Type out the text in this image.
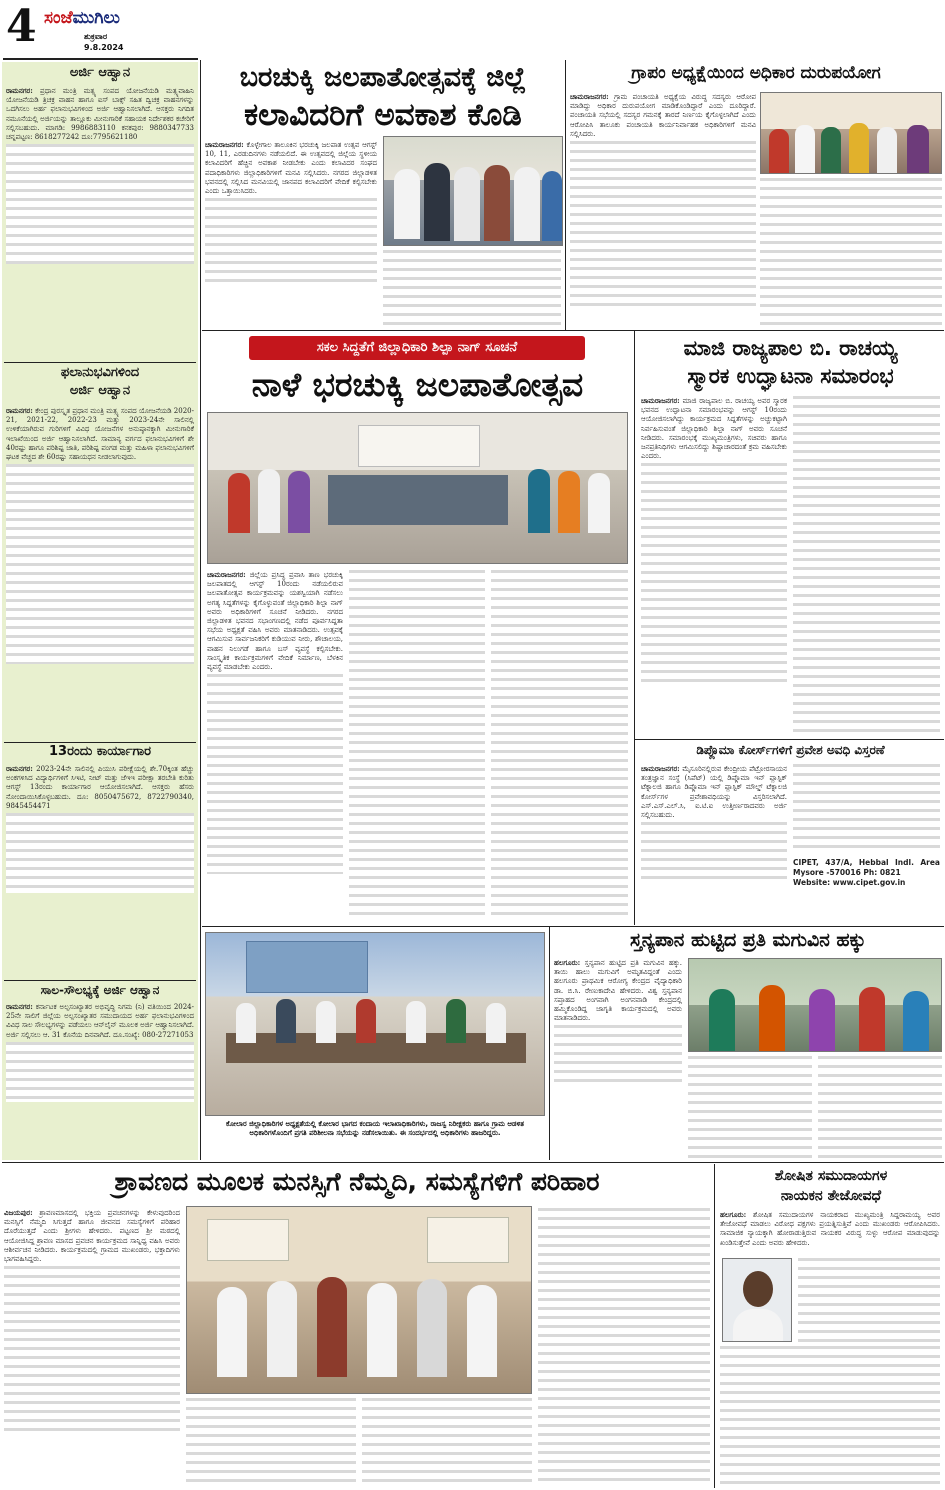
4 ಸಂಜೆಮುಗಿಲು
ಶುಕ್ರವಾರ
9.8.2024
ಅರ್ಜಿ ಆಹ್ವಾನ
ರಾಮನಗರ: ಪ್ರಧಾನ ಮಂತ್ರಿ ಮತ್ಸ್ಯ ಸಂಪದ ಯೋಜನೆಯಡಿ ಮತ್ಸ್ಯವಾಹಿನಿ ಯೋಜನೆಯಡಿ ತ್ರಿಚಕ್ರ ವಾಹನ ಹಾಗೂ ಐಸ್ ಬಾಕ್ಸ್ ಸಹಿತ ದ್ವಿಚಕ್ರ ವಾಹನಗಳನ್ನು ಒದಗಿಸಲು ಅರ್ಹ ಫಲಾನುಭವಿಗಳಿಂದ ಅರ್ಜಿ ಆಹ್ವಾನಿಸಲಾಗಿದೆ. ಆಸಕ್ತರು ನಿಗದಿತ ನಮೂನೆಯಲ್ಲಿ ಅರ್ಜಿಯನ್ನು ತಾಲ್ಲೂಕು ಮೀನುಗಾರಿಕೆ ಸಹಾಯಕ ನಿರ್ದೇಶಕರ ಕಚೇರಿಗೆ ಸಲ್ಲಿಸಬಹುದು. ಮಾಗಡಿ: 9986883110 ಕನಕಪುರ: 9880347733 ಚನ್ನಪಟ್ಟಣ: 8618277242 ದೂ:7795621180
ಫಲಾನುಭವಿಗಳಿಂದ
ಅರ್ಜಿ ಆಹ್ವಾನ
ರಾಮನಗರ: ಕೇಂದ್ರ ಪುರಸ್ಕೃತ ಪ್ರಧಾನ ಮಂತ್ರಿ ಮತ್ಸ್ಯ ಸಂಪದ ಯೋಜನೆಯಡಿ 2020-21, 2021-22, 2022-23 ಮತ್ತು 2023-24ನೇ ಸಾಲಿನಲ್ಲಿ ಉಳಿಕೆಯಾಗಿರುವ ಗುರಿಗಳಿಗೆ ವಿವಿಧ ಯೋಜನೆಗಳ ಅನುಷ್ಠಾನಕ್ಕಾಗಿ ಮೀನುಗಾರಿಕೆ ಇಲಾಖೆಯಿಂದ ಅರ್ಜಿ ಆಹ್ವಾನಿಸಲಾಗಿದೆ. ಸಾಮಾನ್ಯ ವರ್ಗದ ಫಲಾನುಭವಿಗಳಿಗೆ ಶೇ 40ರಷ್ಟು ಹಾಗೂ ಪರಿಶಿಷ್ಟ ಜಾತಿ, ಪರಿಶಿಷ್ಟ ಪಂಗಡ ಮತ್ತು ಮಹಿಳಾ ಫಲಾನುಭವಿಗಳಿಗೆ ಘಟಕ ವೆಚ್ಚದ ಶೇ 60ರಷ್ಟು ಸಹಾಯಧನ ನೀಡಲಾಗುವುದು.
13ರಂದು ಕಾರ್ಯಾಗಾರ
ರಾಮನಗರ: 2023-24ನೇ ಸಾಲಿನಲ್ಲಿ ಪಿಯುಸಿ ಪರೀಕ್ಷೆಯಲ್ಲಿ ಶೇ.70ಕ್ಕಿಂತ ಹೆಚ್ಚು ಅಂಕಗಳಿಸಿದ ವಿದ್ಯಾರ್ಥಿಗಳಿಗೆ ಸಿಇಟಿ, ನೀಟ್ ಮತ್ತು ಜೆಇಇ ಪರೀಕ್ಷಾ ತರಬೇತಿ ಕುರಿತು ಆಗಸ್ಟ್ 13ರಂದು ಕಾರ್ಯಾಗಾರ ಆಯೋಜಿಸಲಾಗಿದೆ. ಆಸಕ್ತರು ಹೆಸರು ನೋಂದಾಯಿಸಿಕೊಳ್ಳಬಹುದು. ದೂ: 8050475672, 8722790340, 9845454471
ಸಾಲ-ಸೌಲಭ್ಯಕ್ಕೆ ಅರ್ಜಿ ಆಹ್ವಾನ
ರಾಮನಗರ: ಕರ್ನಾಟಕ ಅಲ್ಪಸಂಖ್ಯಾತರ ಅಭಿವೃದ್ಧಿ ನಿಗಮ (ನಿ) ವತಿಯಿಂದ 2024-25ನೇ ಸಾಲಿಗೆ ಜಿಲ್ಲೆಯ ಅಲ್ಪಸಂಖ್ಯಾತರ ಸಮುದಾಯದ ಅರ್ಹ ಫಲಾನುಭವಿಗಳಿಂದ ವಿವಿಧ ಸಾಲ ಸೌಲಭ್ಯಗಳನ್ನು ಪಡೆಯಲು ಆನ್‌ಲೈನ್ ಮೂಲಕ ಅರ್ಜಿ ಆಹ್ವಾನಿಸಲಾಗಿದೆ. ಅರ್ಜಿ ಸಲ್ಲಿಸಲು ಆ. 31 ಕೊನೆಯ ದಿನವಾಗಿದೆ. ದೂ.ಸಂಖ್ಯೆ: 080-27271053
ಬರಚುಕ್ಕಿ ಜಲಪಾತೋತ್ಸವಕ್ಕೆ ಜಿಲ್ಲೆ
ಕಲಾವಿದರಿಗೆ ಅವಕಾಶ ಕೊಡಿ
ಚಾಮರಾಜನಗರ: ಕೊಳ್ಳೇಗಾಲ ತಾಲೂಕಿನ ಭರಚುಕ್ಕಿ ಜಲಪಾತ ಉತ್ಸವ ಆಗಸ್ಟ್ 10, 11, ಎರಡುದಿನಗಳು ನಡೆಯಲಿದೆ. ಈ ಉತ್ಸವದಲ್ಲಿ ಜಿಲ್ಲೆಯ ಸ್ಥಳೀಯ ಕಲಾವಿದರಿಗೆ ಹೆಚ್ಚಿನ ಅವಕಾಶ ನೀಡಬೇಕು ಎಂದು ಕಲಾವಿದರ ಸಂಘದ ಪದಾಧಿಕಾರಿಗಳು ಜಿಲ್ಲಾಧಿಕಾರಿಗಳಿಗೆ ಮನವಿ ಸಲ್ಲಿಸಿದರು. ನಗರದ ಜಿಲ್ಲಾಡಳಿತ ಭವನದಲ್ಲಿ ಸಲ್ಲಿಸಿದ ಮನವಿಯಲ್ಲಿ ಜಾನಪದ ಕಲಾವಿದರಿಗೆ ವೇದಿಕೆ ಕಲ್ಪಿಸಬೇಕು ಎಂದು ಒತ್ತಾಯಿಸಿದರು.
ಗ್ರಾಪಂ ಅಧ್ಯಕ್ಷೆಯಿಂದ ಅಧಿಕಾರ ದುರುಪಯೋಗ
ಚಾಮರಾಜನಗರ: ಗ್ರಾಮ ಪಂಚಾಯತಿ ಅಧ್ಯಕ್ಷೆಯ ವಿರುದ್ಧ ಸದಸ್ಯರು ಆರೋಪ ಮಾಡಿದ್ದು ಅಧಿಕಾರ ದುರುಪಯೋಗ ಮಾಡಿಕೊಂಡಿದ್ದಾರೆ ಎಂದು ದೂರಿದ್ದಾರೆ. ಪಂಚಾಯತಿ ಸಭೆಯಲ್ಲಿ ಸದಸ್ಯರ ಗಮನಕ್ಕೆ ತಾರದೆ ನಿರ್ಣಯ ಕೈಗೊಳ್ಳಲಾಗಿದೆ ಎಂದು ಆರೋಪಿಸಿ ತಾಲೂಕು ಪಂಚಾಯತಿ ಕಾರ್ಯನಿರ್ವಾಹಕ ಅಧಿಕಾರಿಗಳಿಗೆ ಮನವಿ ಸಲ್ಲಿಸಿದರು.
ಸಕಲ ಸಿದ್ದತೆಗೆ ಜಿಲ್ಲಾಧಿಕಾರಿ ಶಿಲ್ಪಾ ನಾಗ್ ಸೂಚನೆ
ನಾಳೆ ಭರಚುಕ್ಕಿ ಜಲಪಾತೋತ್ಸವ
ಚಾಮರಾಜನಗರ: ಜಿಲ್ಲೆಯ ಪ್ರಸಿದ್ಧ ಪ್ರವಾಸಿ ತಾಣ ಭರಚುಕ್ಕಿ ಜಲಪಾತದಲ್ಲಿ ಆಗಸ್ಟ್ 10ರಂದು ನಡೆಯಲಿರುವ ಜಲಪಾತೋತ್ಸವ ಕಾರ್ಯಕ್ರಮವನ್ನು ಯಶಸ್ವಿಯಾಗಿ ನಡೆಸಲು ಅಗತ್ಯ ಸಿದ್ದತೆಗಳನ್ನು ಕೈಗೊಳ್ಳುವಂತೆ ಜಿಲ್ಲಾಧಿಕಾರಿ ಶಿಲ್ಪಾ ನಾಗ್ ಅವರು ಅಧಿಕಾರಿಗಳಿಗೆ ಸೂಚನೆ ನೀಡಿದರು. ನಗರದ ಜಿಲ್ಲಾಡಳಿತ ಭವನದ ಸಭಾಂಗಣದಲ್ಲಿ ನಡೆದ ಪೂರ್ವಸಿದ್ದತಾ ಸಭೆಯ ಅಧ್ಯಕ್ಷತೆ ವಹಿಸಿ ಅವರು ಮಾತನಾಡಿದರು. ಉತ್ಸವಕ್ಕೆ ಆಗಮಿಸುವ ಸಾರ್ವಜನಿಕರಿಗೆ ಕುಡಿಯುವ ನೀರು, ಶೌಚಾಲಯ, ವಾಹನ ನಿಲುಗಡೆ ಹಾಗೂ ಬಸ್ ವ್ಯವಸ್ಥೆ ಕಲ್ಪಿಸಬೇಕು. ಸಾಂಸ್ಕೃತಿಕ ಕಾರ್ಯಕ್ರಮಗಳಿಗೆ ವೇದಿಕೆ ನಿರ್ಮಾಣ, ಬೆಳಕಿನ ವ್ಯವಸ್ಥೆ ಮಾಡಬೇಕು ಎಂದರು.
ಮಾಜಿ ರಾಜ್ಯಪಾಲ ಬಿ. ರಾಚಯ್ಯ
ಸ್ಮಾರಕ ಉದ್ಘಾಟನಾ ಸಮಾರಂಭ
ಚಾಮರಾಜನಗರ: ಮಾಜಿ ರಾಜ್ಯಪಾಲ ಬಿ. ರಾಚಯ್ಯ ಅವರ ಸ್ಮಾರಕ ಭವನದ ಉದ್ಘಾಟನಾ ಸಮಾರಂಭವನ್ನು ಆಗಸ್ಟ್ 10ರಂದು ಆಯೋಜಿಸಲಾಗಿದ್ದು ಕಾರ್ಯಕ್ರಮದ ಸಿದ್ದತೆಗಳನ್ನು ಅಚ್ಚುಕಟ್ಟಾಗಿ ನಿರ್ವಹಿಸುವಂತೆ ಜಿಲ್ಲಾಧಿಕಾರಿ ಶಿಲ್ಪಾ ನಾಗ್ ಅವರು ಸೂಚನೆ ನೀಡಿದರು. ಸಮಾರಂಭಕ್ಕೆ ಮುಖ್ಯಮಂತ್ರಿಗಳು, ಸಚಿವರು ಹಾಗೂ ಜನಪ್ರತಿನಿಧಿಗಳು ಆಗಮಿಸಲಿದ್ದು ಶಿಷ್ಟಾಚಾರದಂತೆ ಕ್ರಮ ವಹಿಸಬೇಕು ಎಂದರು.
ಡಿಪ್ಲೊಮಾ ಕೋರ್ಸ್‌ಗಳಿಗೆ ಪ್ರವೇಶ ಅವಧಿ ವಿಸ್ತರಣೆ
ಚಾಮರಾಜನಗರ: ಮೈಸೂರಿನಲ್ಲಿರುವ ಕೇಂದ್ರೀಯ ಪೆಟ್ರೋರಸಾಯನ ತಂತ್ರಜ್ಞಾನ ಸಂಸ್ಥೆ (ಸಿಪೆಟ್) ಯಲ್ಲಿ ಡಿಪ್ಲೊಮಾ ಇನ್ ಪ್ಲಾಸ್ಟಿಕ್ ಟೆಕ್ನಾಲಜಿ ಹಾಗೂ ಡಿಪ್ಲೊಮಾ ಇನ್ ಪ್ಲಾಸ್ಟಿಕ್ ಮೌಲ್ಡ್ ಟೆಕ್ನಾಲಜಿ ಕೋರ್ಸ್‌ಗಳ ಪ್ರವೇಶಾವಧಿಯನ್ನು ವಿಸ್ತರಿಸಲಾಗಿದೆ. ಎಸ್.ಎಸ್.ಎಲ್.ಸಿ, ಐ.ಟಿ.ಐ ಉತ್ತೀರ್ಣರಾದವರು ಅರ್ಜಿ ಸಲ್ಲಿಸಬಹುದು.
CIPET, 437/A, Hebbal Indl. Area Mysore -570016 Ph: 0821
Website: www.cipet.gov.in
ಕೋಲಾರ ಜಿಲ್ಲಾಧಿಕಾರಿಗಳ ಅಧ್ಯಕ್ಷತೆಯಲ್ಲಿ ಕೋಲಾರ ಭಾಗದ ಕಂದಾಯ ಇಲಾಖಾಧಿಕಾರಿಗಳು, ರಾಜಸ್ವ ನಿರೀಕ್ಷಕರು ಹಾಗೂ ಗ್ರಾಮ ಆಡಳಿತ ಅಧಿಕಾರಿಗಳೊಂದಿಗೆ ಪ್ರಗತಿ ಪರಿಶೀಲನಾ ಸಭೆಯನ್ನು ನಡೆಸಲಾಯಿತು. ಈ ಸಂದರ್ಭದಲ್ಲಿ ಅಧಿಕಾರಿಗಳು ಹಾಜರಿದ್ದರು.
ಸ್ತನ್ಯಪಾನ ಹುಟ್ಟಿದ ಪ್ರತಿ ಮಗುವಿನ ಹಕ್ಕು
ಹಲಗೂರು: ಸ್ತನ್ಯಪಾನ ಹುಟ್ಟಿದ ಪ್ರತಿ ಮಗುವಿನ ಹಕ್ಕು. ತಾಯಿ ಹಾಲು ಮಗುವಿಗೆ ಅಮೃತವಿದ್ದಂತೆ ಎಂದು ಹಲಗೂರು ಪ್ರಾಥಮಿಕ ಆರೋಗ್ಯ ಕೇಂದ್ರದ ವೈದ್ಯಾಧಿಕಾರಿ ಡಾ. ಬಿ.ಸಿ. ರೇಣುಕಾದೇವಿ ಹೇಳಿದರು. ವಿಶ್ವ ಸ್ತನ್ಯಪಾನ ಸಪ್ತಾಹದ ಅಂಗವಾಗಿ ಅಂಗನವಾಡಿ ಕೇಂದ್ರದಲ್ಲಿ ಹಮ್ಮಿಕೊಂಡಿದ್ದ ಜಾಗೃತಿ ಕಾರ್ಯಕ್ರಮದಲ್ಲಿ ಅವರು ಮಾತನಾಡಿದರು.
ಶ್ರಾವಣದ ಮೂಲಕ ಮನಸ್ಸಿಗೆ ನೆಮ್ಮದಿ, ಸಮಸ್ಯೆಗಳಿಗೆ ಪರಿಹಾರ
ವಿಜಯಪುರ: ಶ್ರಾವಣಮಾಸದಲ್ಲಿ ಭಕ್ತಿಯ ಪ್ರವಚನಗಳನ್ನು ಕೇಳುವುದರಿಂದ ಮನಸ್ಸಿಗೆ ನೆಮ್ಮದಿ ಸಿಗುತ್ತದೆ ಹಾಗೂ ಜೀವನದ ಸಮಸ್ಯೆಗಳಿಗೆ ಪರಿಹಾರ ದೊರೆಯುತ್ತದೆ ಎಂದು ಶ್ರೀಗಳು ಹೇಳಿದರು. ಪಟ್ಟಣದ ಶ್ರೀ ಮಠದಲ್ಲಿ ಆಯೋಜಿಸಿದ್ದ ಶ್ರಾವಣ ಮಾಸದ ಪ್ರವಚನ ಕಾರ್ಯಕ್ರಮದ ಸಾನ್ನಿಧ್ಯ ವಹಿಸಿ ಅವರು ಆಶೀರ್ವಚನ ನೀಡಿದರು. ಕಾರ್ಯಕ್ರಮದಲ್ಲಿ ಗ್ರಾಮದ ಮುಖಂಡರು, ಭಕ್ತಾದಿಗಳು ಭಾಗವಹಿಸಿದ್ದರು.
ಶೋಷಿತ ಸಮುದಾಯಗಳ
ನಾಯಕನ ತೇಜೋವಧೆ
ಹಲಗೂರು: ಶೋಷಿತ ಸಮುದಾಯಗಳ ನಾಯಕರಾದ ಮುಖ್ಯಮಂತ್ರಿ ಸಿದ್ದರಾಮಯ್ಯ ಅವರ ತೇಜೋವಧೆ ಮಾಡಲು ವಿರೋಧ ಪಕ್ಷಗಳು ಪ್ರಯತ್ನಿಸುತ್ತಿವೆ ಎಂದು ಮುಖಂಡರು ಆರೋಪಿಸಿದರು. ಸಾಮಾಜಿಕ ನ್ಯಾಯಕ್ಕಾಗಿ ಹೋರಾಡುತ್ತಿರುವ ನಾಯಕರ ವಿರುದ್ಧ ಸುಳ್ಳು ಆರೋಪ ಮಾಡುವುದನ್ನು ಖಂಡಿಸುತ್ತೇವೆ ಎಂದು ಅವರು ಹೇಳಿದರು.
